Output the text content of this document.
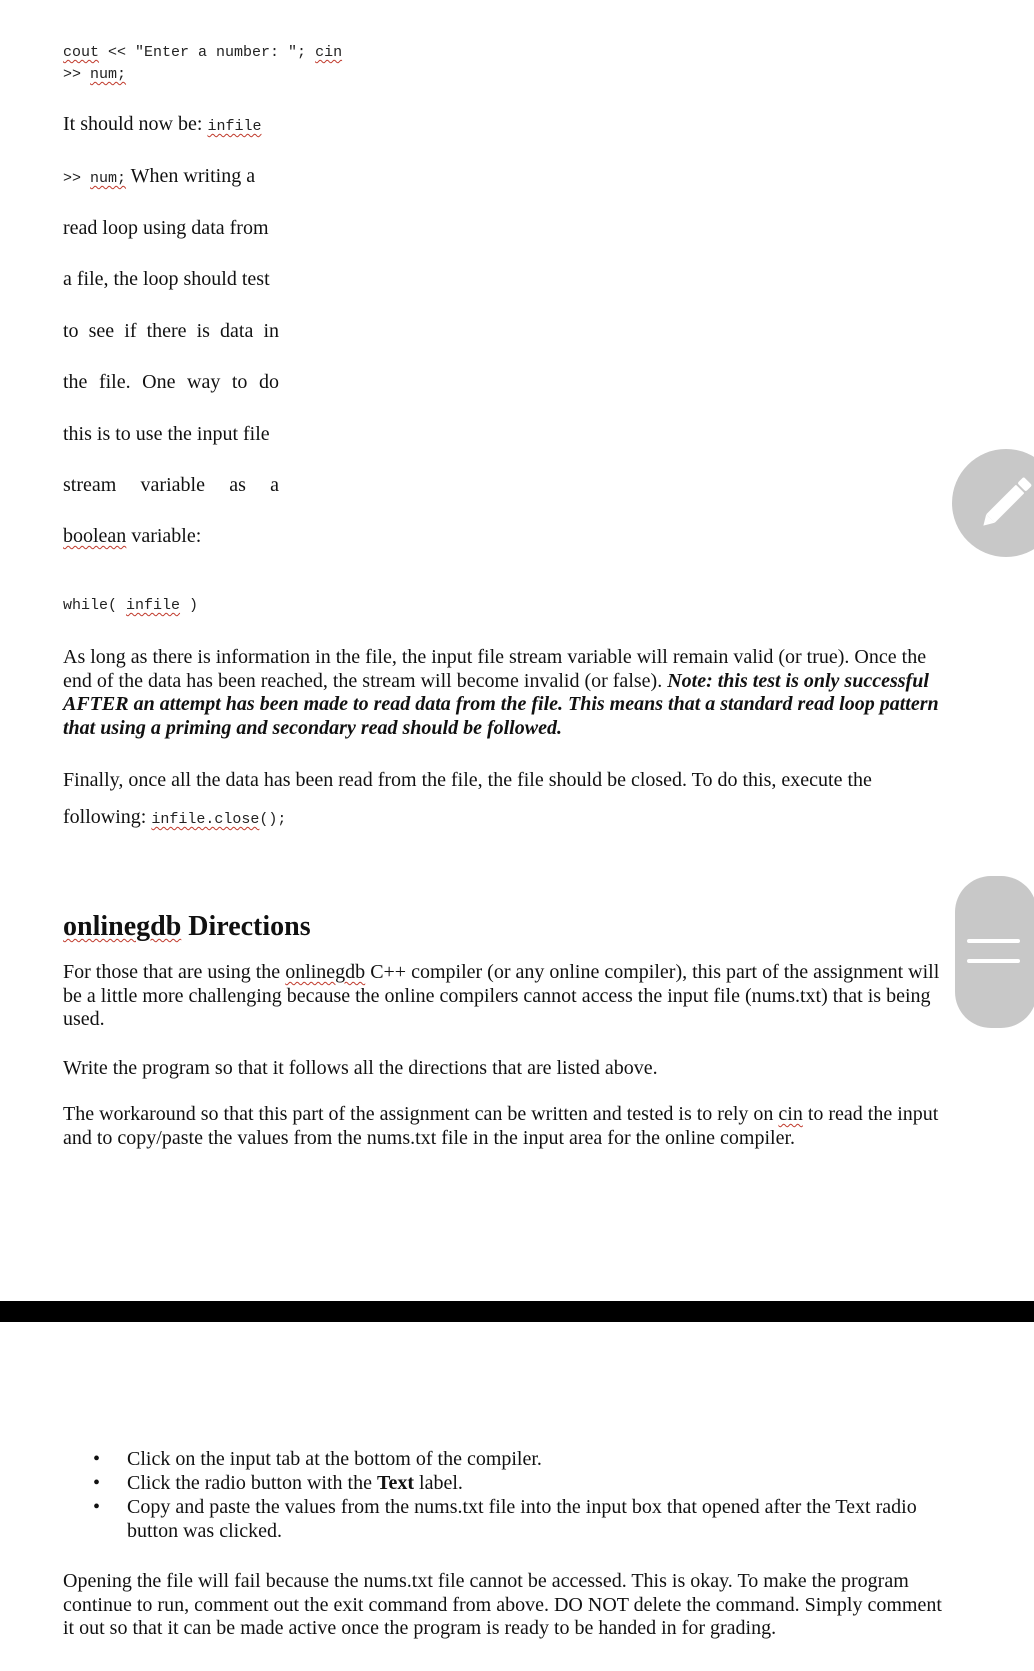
cout << "Enter a number: "; cin
>> num;
It should now be: infile
>> num; When writing a
read loop using data from
a file, the loop should test
to see if there is data in
the file. One way to do
this is to use the input file
stream variable as a
boolean variable:
while( infile )
As long as there is information in the file, the input file stream variable will remain valid (or true). Once the end of the data has been reached, the stream will become invalid (or false). Note: this test is only successful AFTER an attempt has been made to read data from the file. This means that a standard read loop pattern that using a priming and secondary read should be followed.
Finally, once all the data has been read from the file, the file should be closed. To do this, execute the
following: infile.close();
onlinegdb Directions
For those that are using the onlinegdb C++ compiler (or any online compiler), this part of the assignment will be a little more challenging because the online compilers cannot access the input file (nums.txt) that is being used.
Write the program so that it follows all the directions that are listed above.
The workaround so that this part of the assignment can be written and tested is to rely on cin to read the input and to copy/paste the values from the nums.txt file in the input area for the online compiler.
• Click on the input tab at the bottom of the compiler.
• Click the radio button with the Text label.
• Copy and paste the values from the nums.txt file into the input box that opened after the Text radio button was clicked.
Opening the file will fail because the nums.txt file cannot be accessed. This is okay. To make the program continue to run, comment out the exit command from above. DO NOT delete the command. Simply comment it out so that it can be made active once the program is ready to be handed in for grading.
